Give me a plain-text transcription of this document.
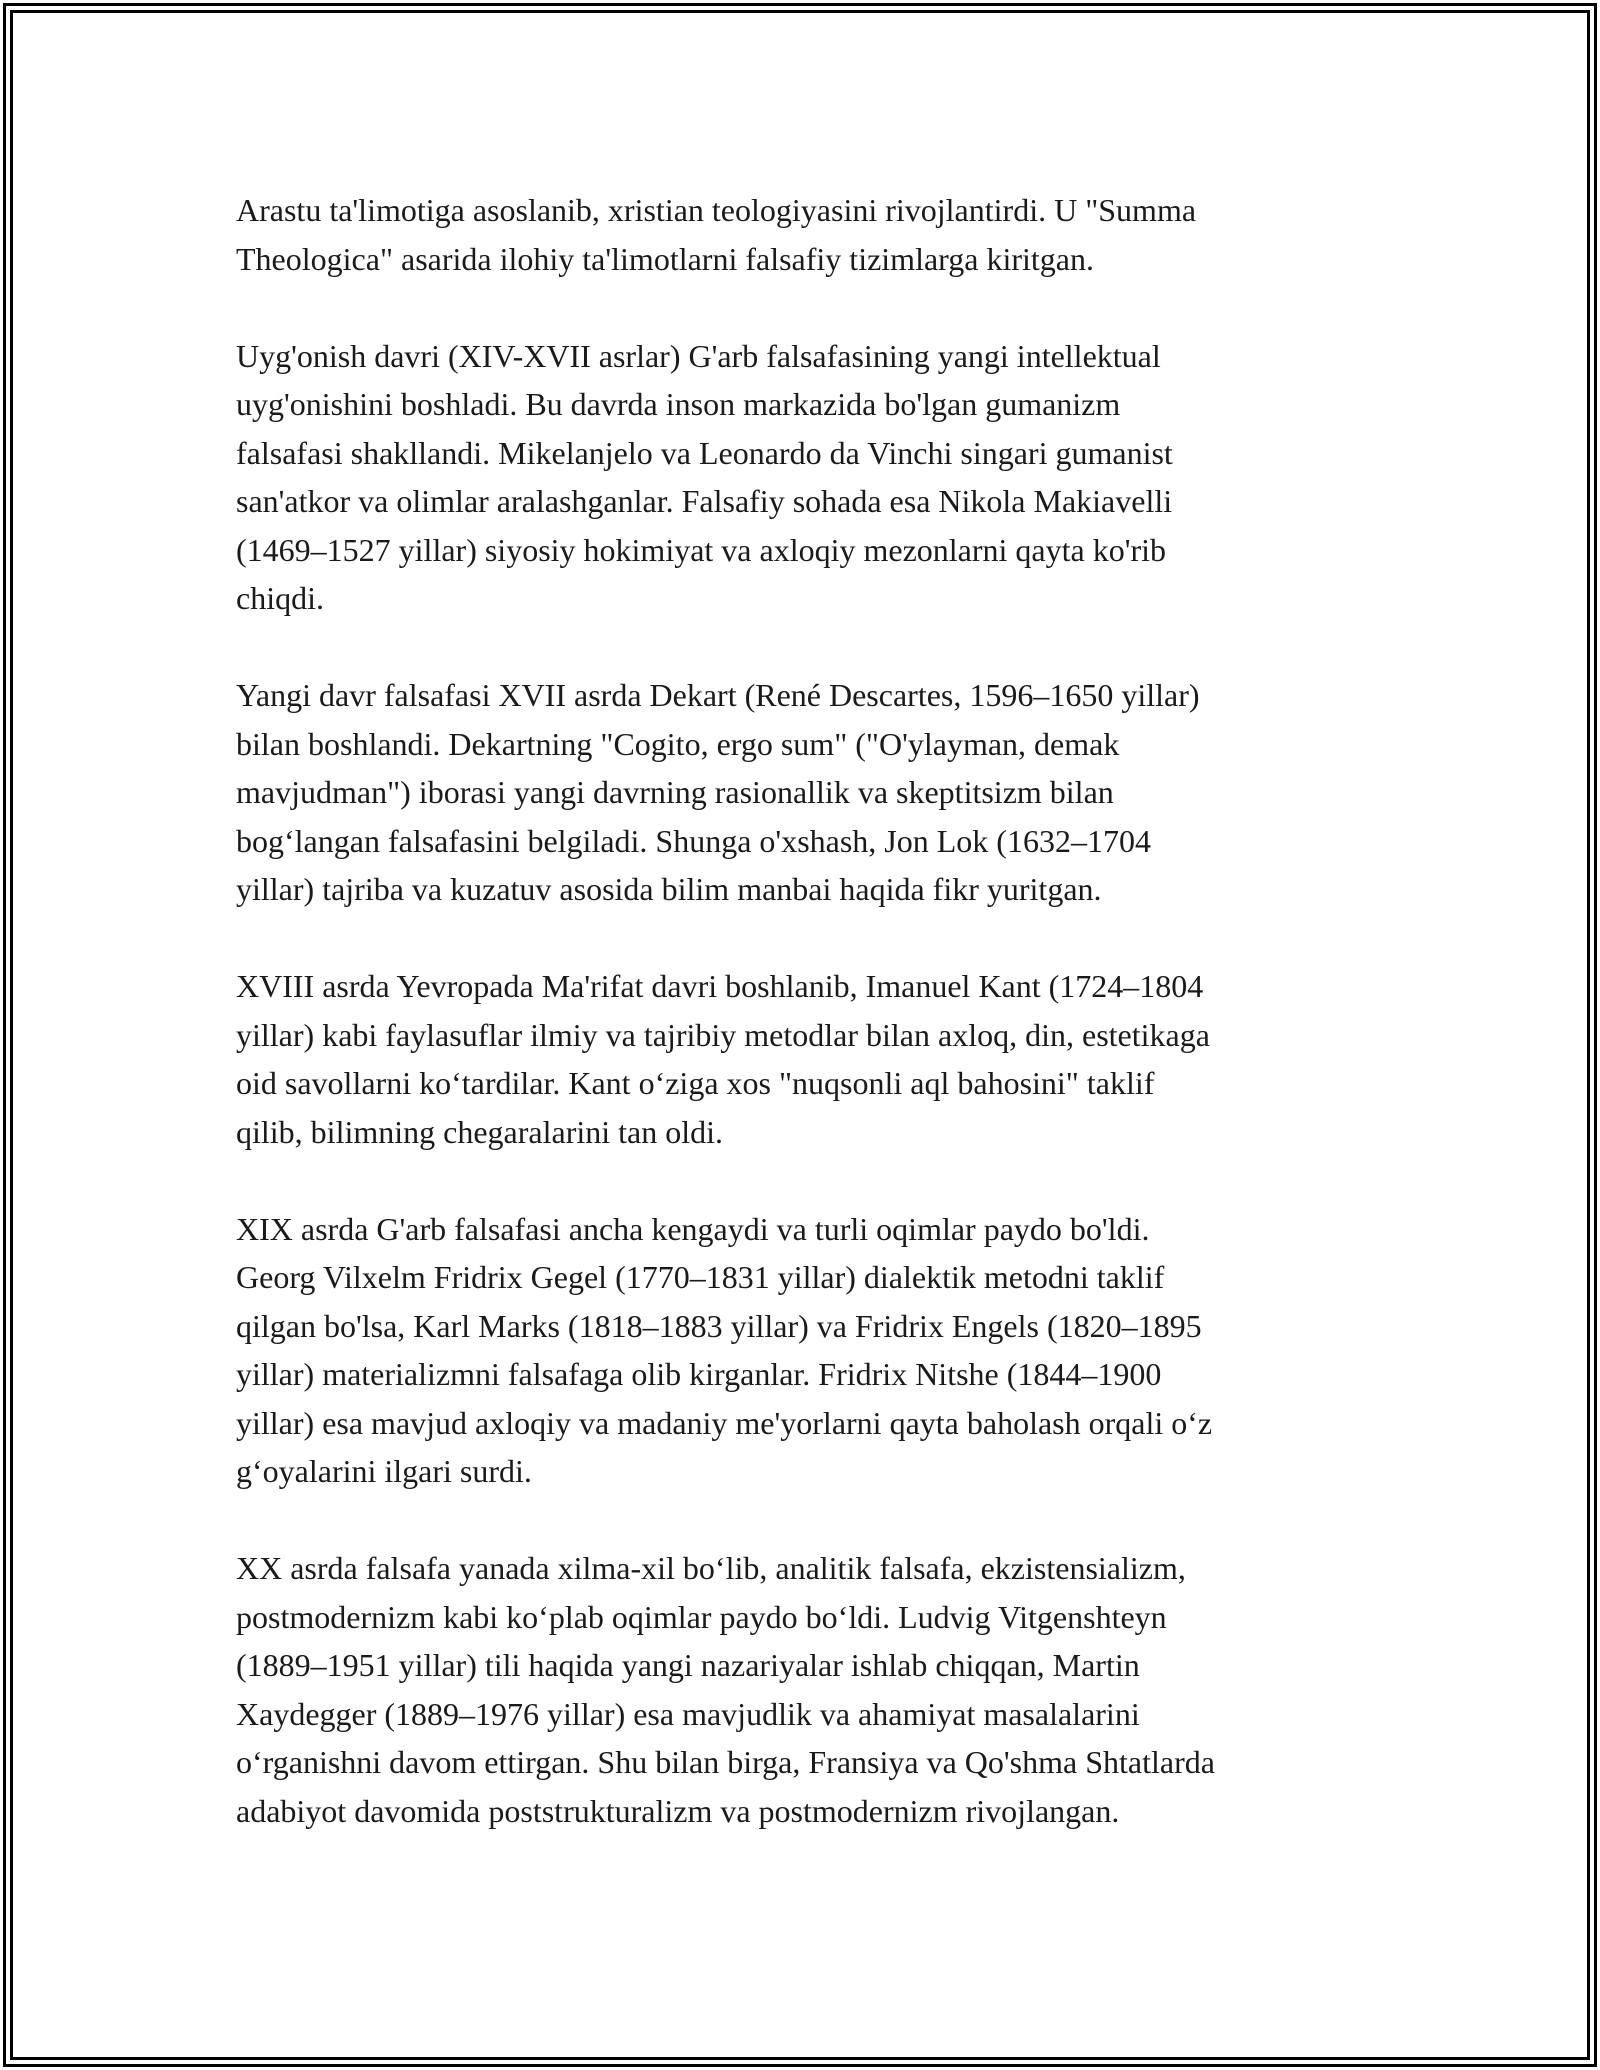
Arastu ta'limotiga asoslanib, xristian teologiyasini rivojlantirdi. U "Summa
Theologica" asarida ilohiy ta'limotlarni falsafiy tizimlarga kiritgan.

Uyg'onish davri (XIV-XVII asrlar) G'arb falsafasining yangi intellektual
uyg'onishini boshladi. Bu davrda inson markazida bo'lgan gumanizm
falsafasi shakllandi. Mikelanjelo va Leonardo da Vinchi singari gumanist
san'atkor va olimlar aralashganlar. Falsafiy sohada esa Nikola Makiavelli
(1469–1527 yillar) siyosiy hokimiyat va axloqiy mezonlarni qayta ko'rib
chiqdi.

Yangi davr falsafasi XVII asrda Dekart (René Descartes, 1596–1650 yillar)
bilan boshlandi. Dekartning "Cogito, ergo sum" ("O'ylayman, demak
mavjudman") iborasi yangi davrning rasionallik va skeptitsizm bilan
bog‘langan falsafasini belgiladi. Shunga o'xshash, Jon Lok (1632–1704
yillar) tajriba va kuzatuv asosida bilim manbai haqida fikr yuritgan.

XVIII asrda Yevropada Ma'rifat davri boshlanib, Imanuel Kant (1724–1804
yillar) kabi faylasuflar ilmiy va tajribiy metodlar bilan axloq, din, estetikaga
oid savollarni ko‘tardilar. Kant o‘ziga xos "nuqsonli aql bahosini" taklif
qilib, bilimning chegaralarini tan oldi.

XIX asrda G'arb falsafasi ancha kengaydi va turli oqimlar paydo bo'ldi.
Georg Vilxelm Fridrix Gegel (1770–1831 yillar) dialektik metodni taklif
qilgan bo'lsa, Karl Marks (1818–1883 yillar) va Fridrix Engels (1820–1895
yillar) materializmni falsafaga olib kirganlar. Fridrix Nitshe (1844–1900
yillar) esa mavjud axloqiy va madaniy me'yorlarni qayta baholash orqali o‘z
g‘oyalarini ilgari surdi.

XX asrda falsafa yanada xilma-xil bo‘lib, analitik falsafa, ekzistensializm,
postmodernizm kabi ko‘plab oqimlar paydo bo‘ldi. Ludvig Vitgenshteyn
(1889–1951 yillar) tili haqida yangi nazariyalar ishlab chiqqan, Martin
Xaydegger (1889–1976 yillar) esa mavjudlik va ahamiyat masalalarini
o‘rganishni davom ettirgan. Shu bilan birga, Fransiya va Qo'shma Shtatlarda
adabiyot davomida poststrukturalizm va postmodernizm rivojlangan.
